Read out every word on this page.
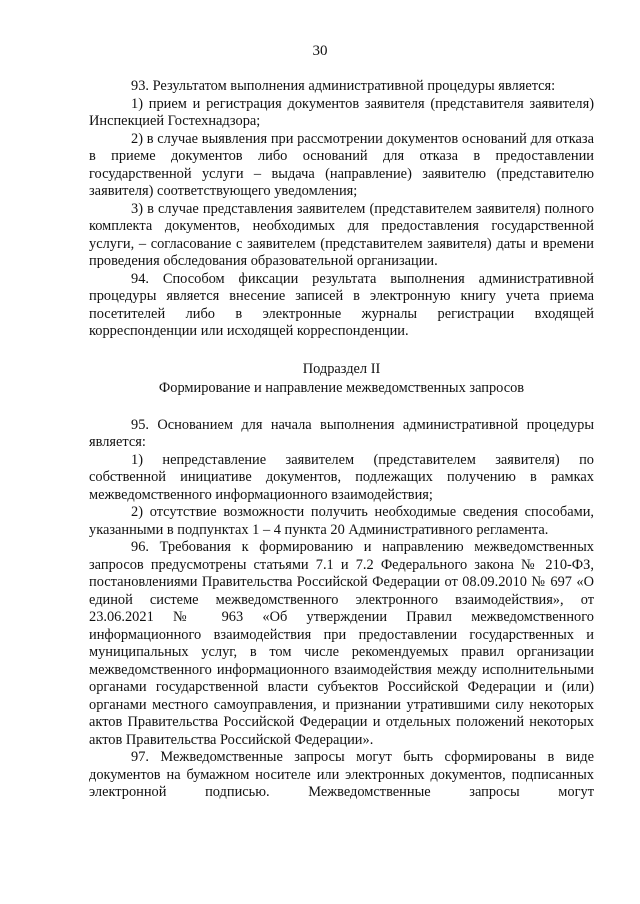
30

93. Результатом выполнения административной процедуры является:

1) прием и регистрация документов заявителя (представителя заявителя) Инспекцией Гостехнадзора;

2) в случае выявления при рассмотрении документов оснований для отказа в приеме документов либо оснований для отказа в предоставлении государственной услуги – выдача (направление) заявителю (представителю заявителя) соответствующего уведомления;

3) в случае представления заявителем (представителем заявителя) полного комплекта документов, необходимых для предоставления государственной услуги, – согласование с заявителем (представителем заявителя) даты и времени проведения обследования образовательной организации.

94. Способом фиксации результата выполнения административной процедуры является внесение записей в электронную книгу учета приема посетителей либо в электронные журналы регистрации входящей корреспонденции или исходящей корреспонденции.

Подраздел II

Формирование и направление межведомственных запросов

95. Основанием для начала выполнения административной процедуры является:

1) непредставление заявителем (представителем заявителя) по собственной инициативе документов, подлежащих получению в рамках межведомственного информационного взаимодействия;

2) отсутствие возможности получить необходимые сведения способами, указанными в подпунктах 1 – 4 пункта 20 Административного регламента.

96. Требования к формированию и направлению межведомственных запросов предусмотрены статьями 7.1 и 7.2 Федерального закона № 210-ФЗ, постановлениями Правительства Российской Федерации от 08.09.2010 № 697 «О единой системе межведомственного электронного взаимодействия», от 23.06.2021 № 963 «Об утверждении Правил межведомственного информационного взаимодействия при предоставлении государственных и муниципальных услуг, в том числе рекомендуемых правил организации межведомственного информационного взаимодействия между исполнительными органами государственной власти субъектов Российской Федерации и (или) органами местного самоуправления, и признании утратившими силу некоторых актов Правительства Российской Федерации и отдельных положений некоторых актов Правительства Российской Федерации».

97. Межведомственные запросы могут быть сформированы в виде документов на бумажном носителе или электронных документов, подписанных электронной подписью. Межведомственные запросы могут
